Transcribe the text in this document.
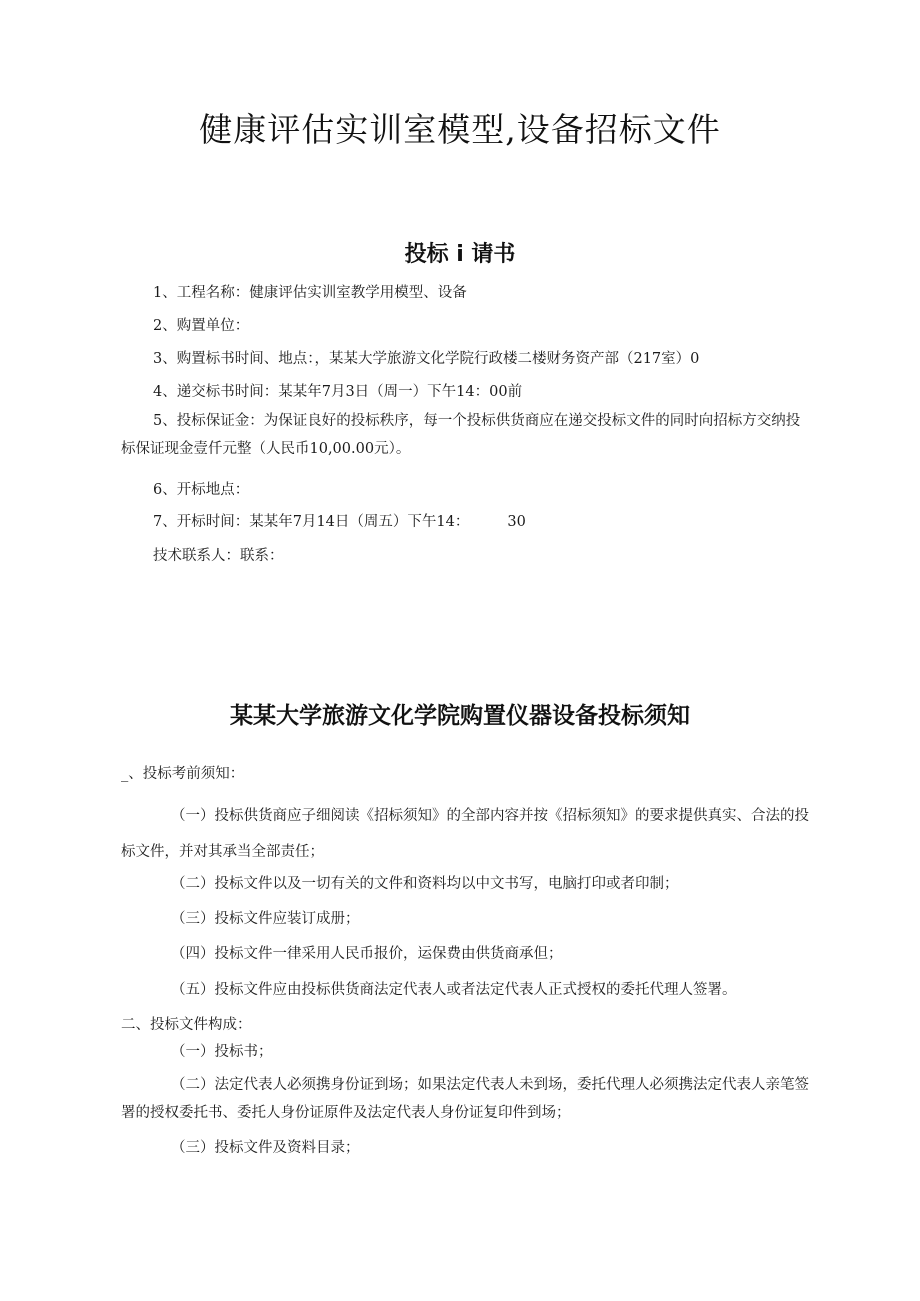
健康评估实训室模型,设备招标文件
投标 i 请书
1、工程名称：健康评估实训室教学用模型、设备
2、购置单位：
3、购置标书时间、地点：，某某大学旅游文化学院行政楼二楼财务资产部（217室）0
4、递交标书时间：某某年7月3日（周一）下午14：00前
5、投标保证金：为保证良好的投标秩序，每一个投标供货商应在递交投标文件的同时向招标方交纳投标保证现金壹仟元整（人民币10,00.00元）。
6、开标地点：
7、开标时间：某某年7月14日（周五）下午14：	30
技术联系人：联系：
某某大学旅游文化学院购置仪器设备投标须知
_、投标考前须知：
（一）投标供货商应子细阅读《招标须知》的全部内容并按《招标须知》的要求提供真实、合法的投标文件，并对其承当全部责任；
（二）投标文件以及一切有关的文件和资料均以中文书写，电脑打印或者印制；
（三）投标文件应装订成册；
（四）投标文件一律采用人民币报价，运保费由供货商承但；
（五）投标文件应由投标供货商法定代表人或者法定代表人正式授权的委托代理人签署。
二、投标文件构成：
（一）投标书；
（二）法定代表人必须携身份证到场；如果法定代表人未到场，委托代理人必须携法定代表人亲笔签署的授权委托书、委托人身份证原件及法定代表人身份证复印件到场；
（三）投标文件及资料目录；
